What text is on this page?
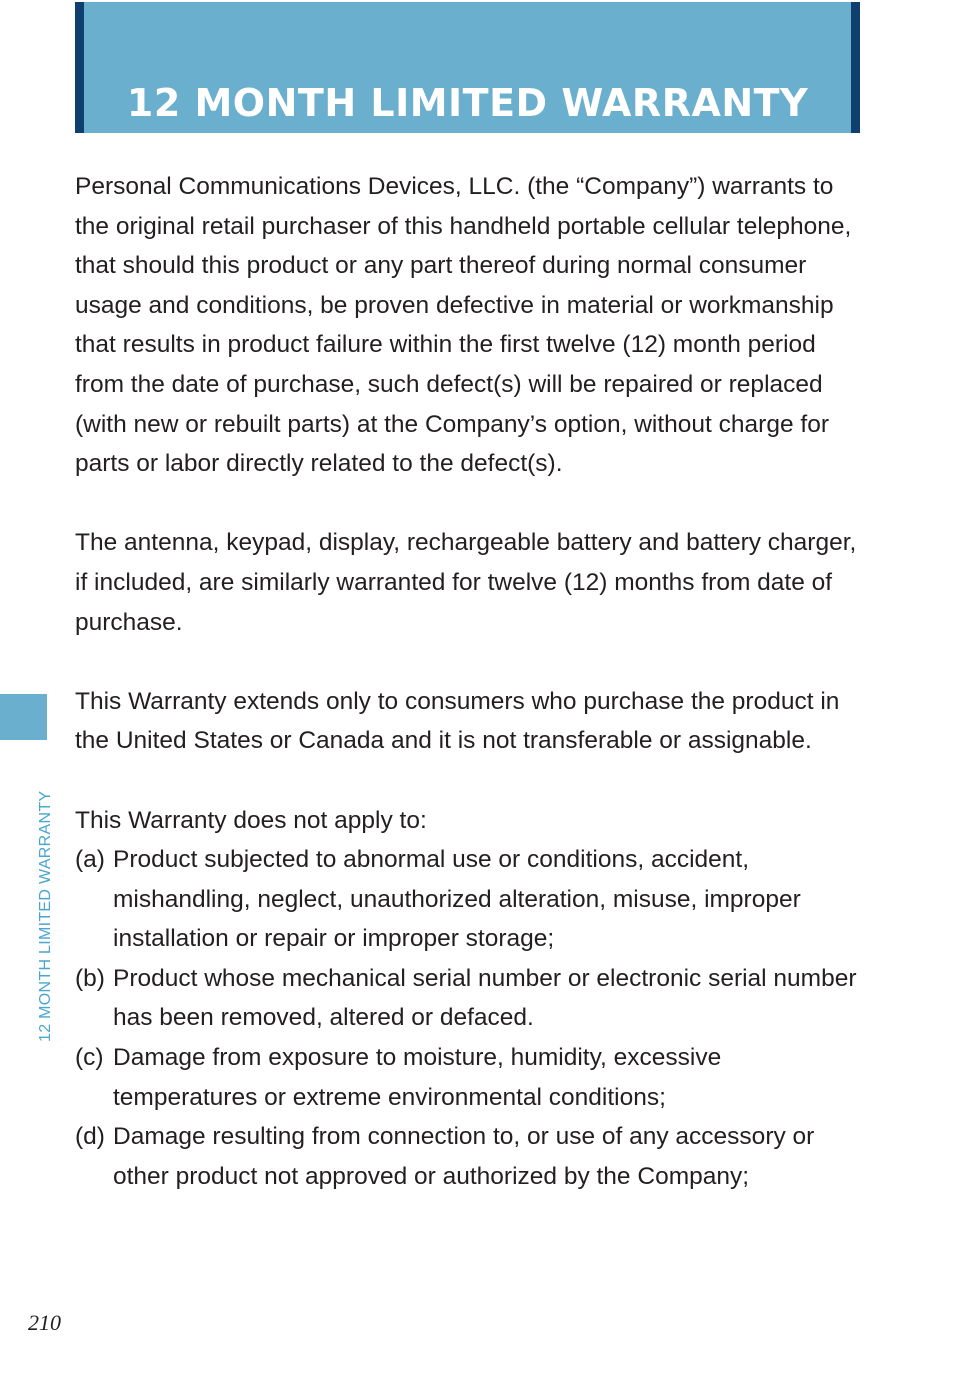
12 MONTH LIMITED WARRANTY

Personal Communications Devices, LLC. (the “Company”) warrants to the original retail purchaser of this handheld portable cellular telephone, that should this product or any part thereof during normal consumer usage and conditions, be proven defective in material or workmanship that results in product failure within the first twelve (12) month period from the date of purchase, such defect(s) will be repaired or replaced (with new or rebuilt parts) at the Company’s option, without charge for parts or labor directly related to the defect(s).

The antenna, keypad, display, rechargeable battery and battery charger, if included, are similarly warranted for twelve (12) months from date of purchase.

This Warranty extends only to consumers who purchase the product in the United States or Canada and it is not transferable or assignable.

This Warranty does not apply to:

(a) Product subjected to abnormal use or conditions, accident, mishandling, neglect, unauthorized alteration, misuse, improper installation or repair or improper storage;
(b) Product whose mechanical serial number or electronic serial number has been removed, altered or defaced.
(c) Damage from exposure to moisture, humidity, excessive temperatures or extreme environmental conditions;
(d) Damage resulting from connection to, or use of any accessory or other product not approved or authorized by the Company;
12 MONTH LIMITED WARRANTY
210
